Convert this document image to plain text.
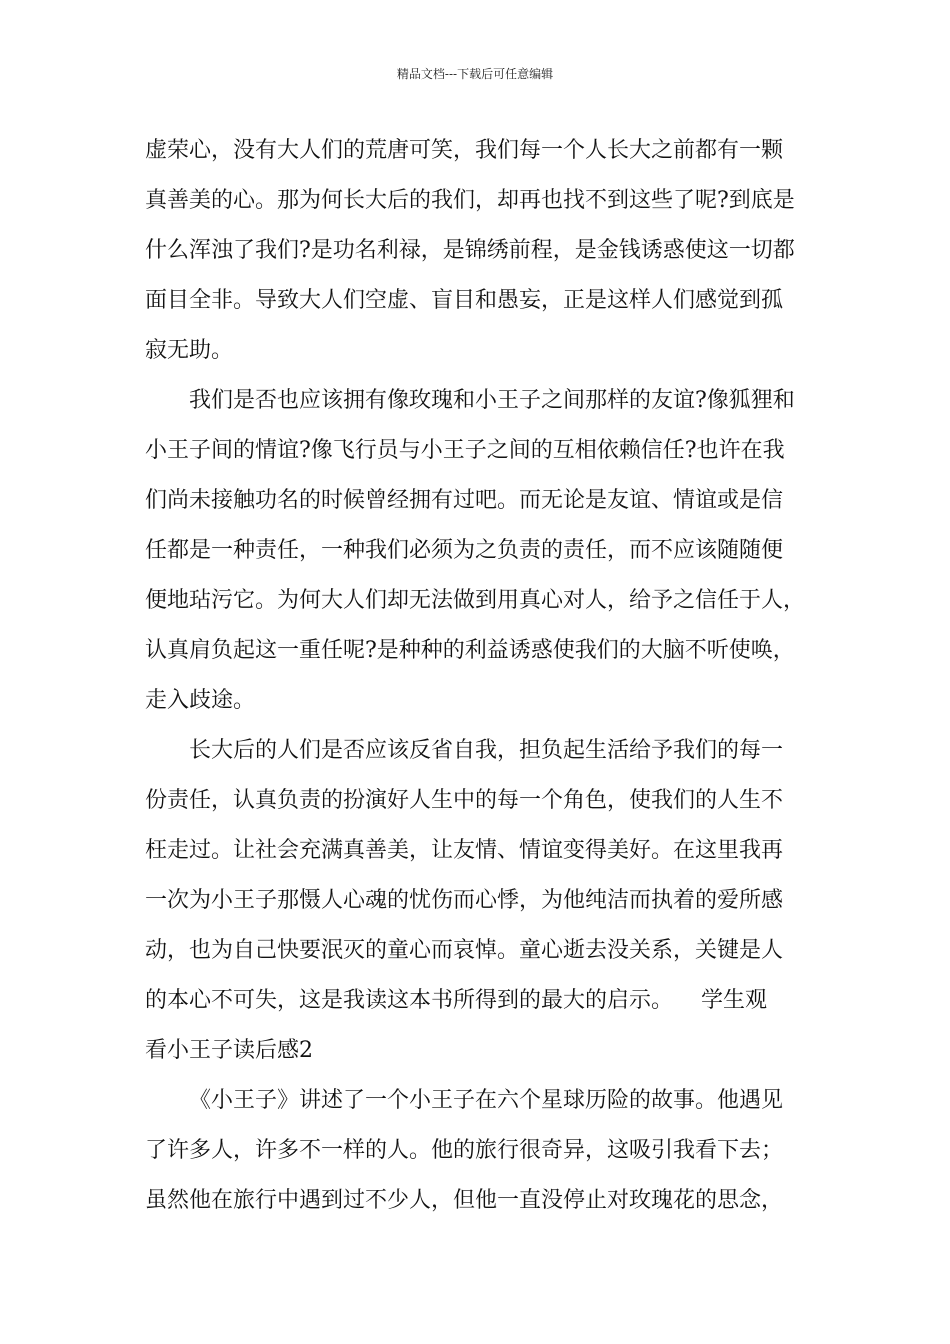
精品文档---下载后可任意编辑
虚荣心，没有大人们的荒唐可笑，我们每一个人长大之前都有一颗
真善美的心。那为何长大后的我们，却再也找不到这些了呢?到底是
什么浑浊了我们?是功名利禄，是锦绣前程，是金钱诱惑使这一切都
面目全非。导致大人们空虚、盲目和愚妄，正是这样人们感觉到孤
寂无助。
我们是否也应该拥有像玫瑰和小王子之间那样的友谊?像狐狸和
小王子间的情谊?像飞行员与小王子之间的互相依赖信任?也许在我
们尚未接触功名的时候曾经拥有过吧。而无论是友谊、情谊或是信
任都是一种责任，一种我们必须为之负责的责任，而不应该随随便
便地玷污它。为何大人们却无法做到用真心对人，给予之信任于人，
认真肩负起这一重任呢?是种种的利益诱惑使我们的大脑不听使唤，
走入歧途。
长大后的人们是否应该反省自我，担负起生活给予我们的每一
份责任，认真负责的扮演好人生中的每一个角色，使我们的人生不
枉走过。让社会充满真善美，让友情、情谊变得美好。在这里我再
一次为小王子那慑人心魂的忧伤而心悸，为他纯洁而执着的爱所感
动，也为自己快要泯灭的童心而哀悼。童心逝去没关系，关键是人
的本心不可失，这是我读这本书所得到的最大的启示。    学生观
看小王子读后感2
《小王子》讲述了一个小王子在六个星球历险的故事。他遇见
了许多人，许多不一样的人。他的旅行很奇异，这吸引我看下去；
虽然他在旅行中遇到过不少人，但他一直没停止对玫瑰花的思念，
